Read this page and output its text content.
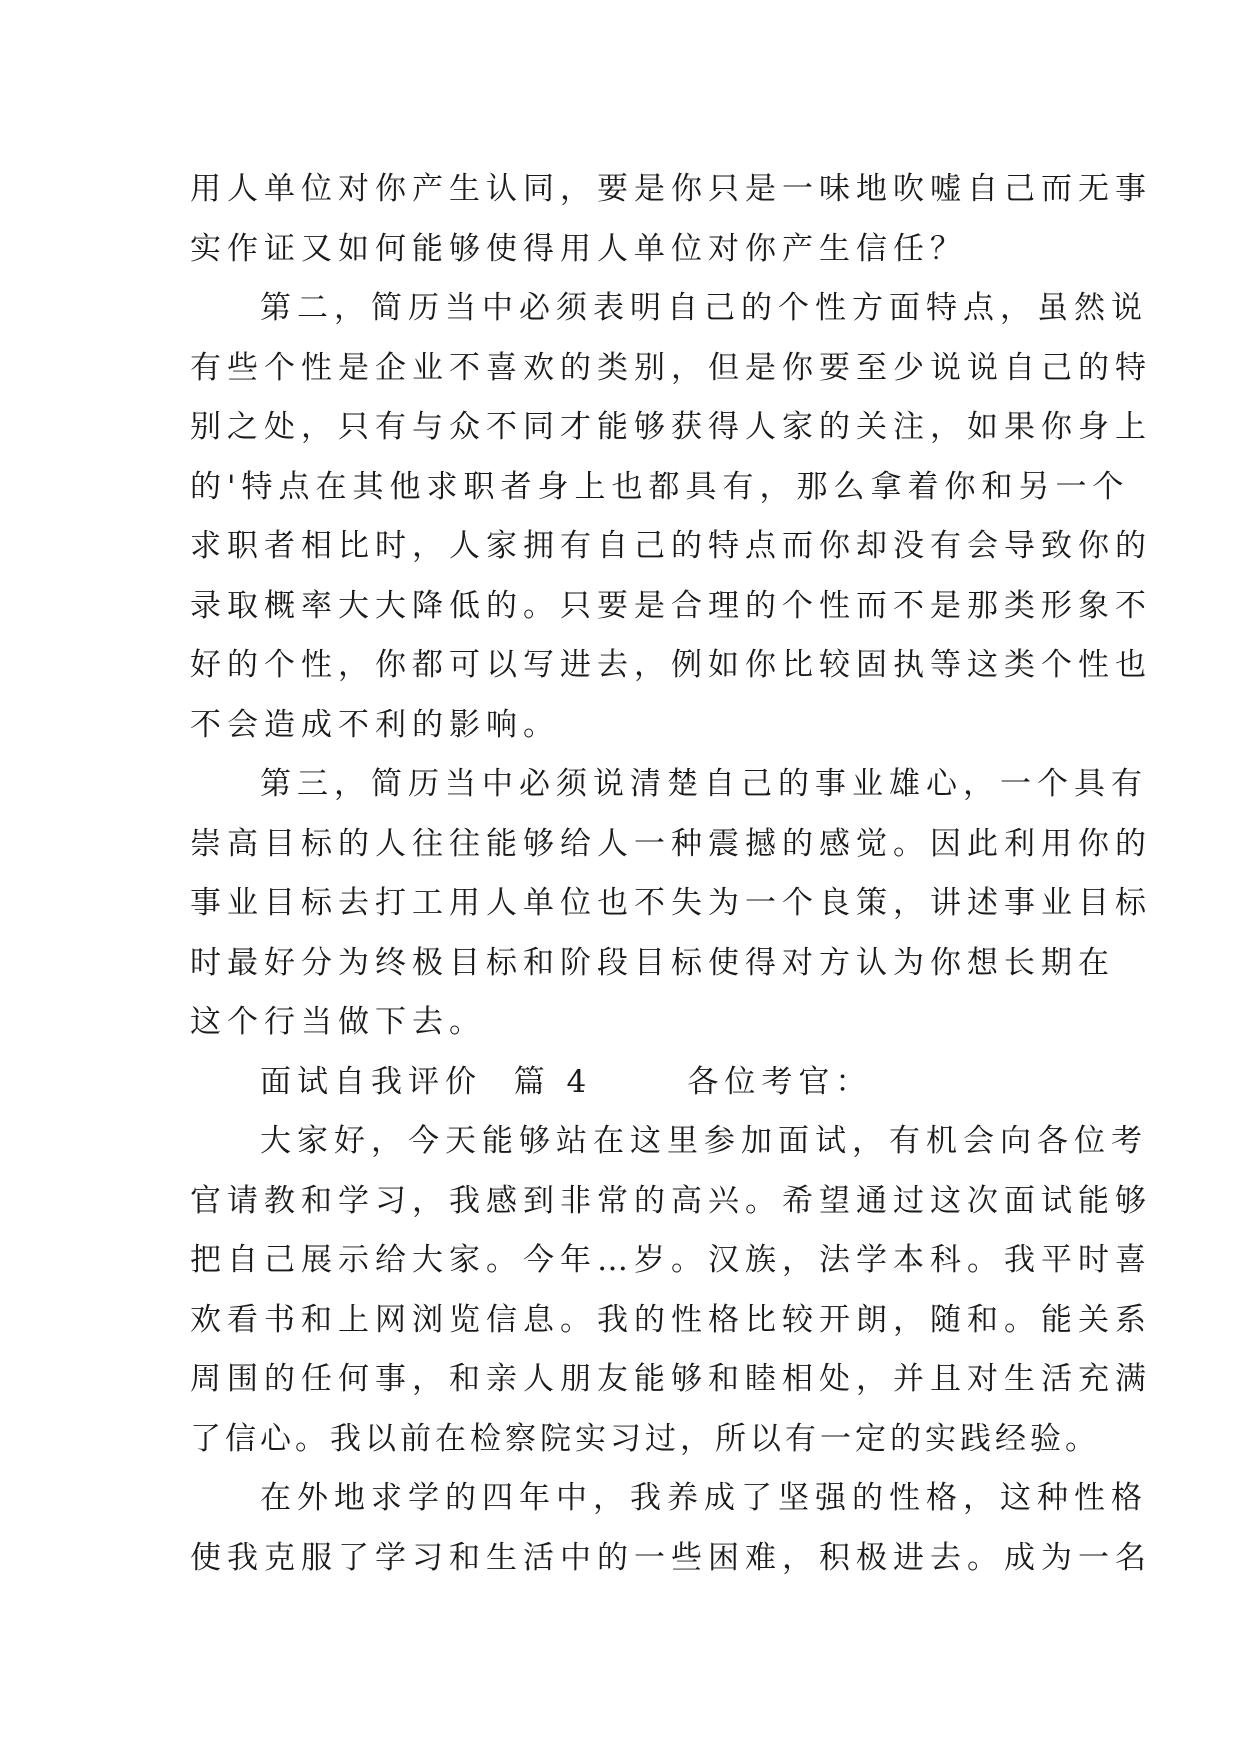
用人单位对你产生认同，要是你只是一味地吹嘘自己而无事

实作证又如何能够使得用人单位对你产生信任？

第二，简历当中必须表明自己的个性方面特点，虽然说

有些个性是企业不喜欢的类别，但是你要至少说说自己的特

别之处，只有与众不同才能够获得人家的关注，如果你身上

的'特点在其他求职者身上也都具有，那么拿着你和另一个

求职者相比时，人家拥有自己的特点而你却没有会导致你的

录取概率大大降低的。只要是合理的个性而不是那类形象不

好的个性，你都可以写进去，例如你比较固执等这类个性也

不会造成不利的影响。

第三，简历当中必须说清楚自己的事业雄心，一个具有

崇高目标的人往往能够给人一种震撼的感觉。因此利用你的

事业目标去打工用人单位也不失为一个良策，讲述事业目标

时最好分为终极目标和阶段目标使得对方认为你想长期在

这个行当做下去。

面试自我评价  篇 4      各位考官：

大家好，今天能够站在这里参加面试，有机会向各位考

官请教和学习，我感到非常的高兴。希望通过这次面试能够

把自己展示给大家。今年…岁。汉族，法学本科。我平时喜

欢看书和上网浏览信息。我的性格比较开朗，随和。能关系

周围的任何事，和亲人朋友能够和睦相处，并且对生活充满

了信心。我以前在检察院实习过，所以有一定的实践经验。

在外地求学的四年中，我养成了坚强的性格，这种性格

使我克服了学习和生活中的一些困难，积极进去。成为一名
